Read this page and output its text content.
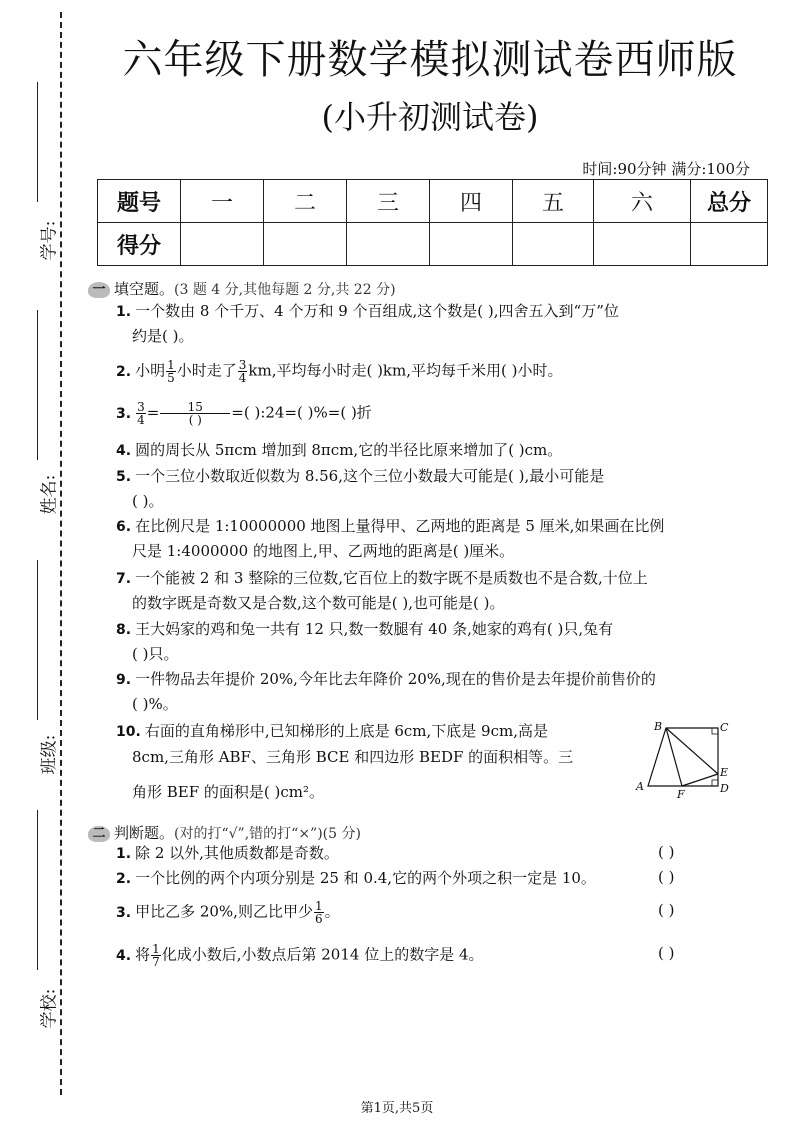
学号:
姓名:
班级:
学校:
六年级下册数学模拟测试卷西师版
(小升初测试卷)
时间:90分钟 满分:100分
题号	一	二	三	四	五	六	总分
得分							
一 填空题。(3 题 4 分,其他每题 2 分,共 22 分)
1. 一个数由 8 个千万、4 个万和 9 个百组成,这个数是( ),四舍五入到“万”位
约是( )。
2. 小明 $\frac{1}{5}$ 小时走了 $\frac{3}{4}$ km,平均每小时走( )km,平均每千米用( )小时。
3. $\frac{3}{4} = \frac{15}{( )}$ =( ):24=( )%=( )折
4. 圆的周长从 5πcm 增加到 8πcm,它的半径比原来增加了( )cm。
5. 一个三位小数取近似数为 8.56,这个三位小数最大可能是( ),最小可能是
( )。
6. 在比例尺是 1:10000000 地图上量得甲、乙两地的距离是 5 厘米,如果画在比例
尺是 1:4000000 的地图上,甲、乙两地的距离是( )厘米。
7. 一个能被 2 和 3 整除的三位数,它百位上的数字既不是质数也不是合数,十位上
的数字既是奇数又是合数,这个数可能是( ),也可能是( )。
8. 王大妈家的鸡和兔一共有 12 只,数一数腿有 40 条,她家的鸡有( )只,兔有
( )只。
9. 一件物品去年提价 20%,今年比去年降价 20%,现在的售价是去年提价前售价的
( )%。
10. 右面的直角梯形中,已知梯形的上底是 6cm,下底是 9cm,高是
8cm,三角形 ABF、三角形 BCE 和四边形 BEDF 的面积相等。三
角形 BEF 的面积是( )cm²。
B	C
E
A
F	D
二 判断题。(对的打“√”,错的打“×”)(5 分)
1. 除 2 以外,其他质数都是奇数。	( )
2. 一个比例的两个内项分别是 25 和 0.4,它的两个外项之积一定是 10。	( )
3. 甲比乙多 20%,则乙比甲少 $\frac{1}{6}$ 。	( )
4. 将 $\frac{1}{7}$ 化成小数后,小数点后第 2014 位上的数字是 4。	( )
第1页,共5页
